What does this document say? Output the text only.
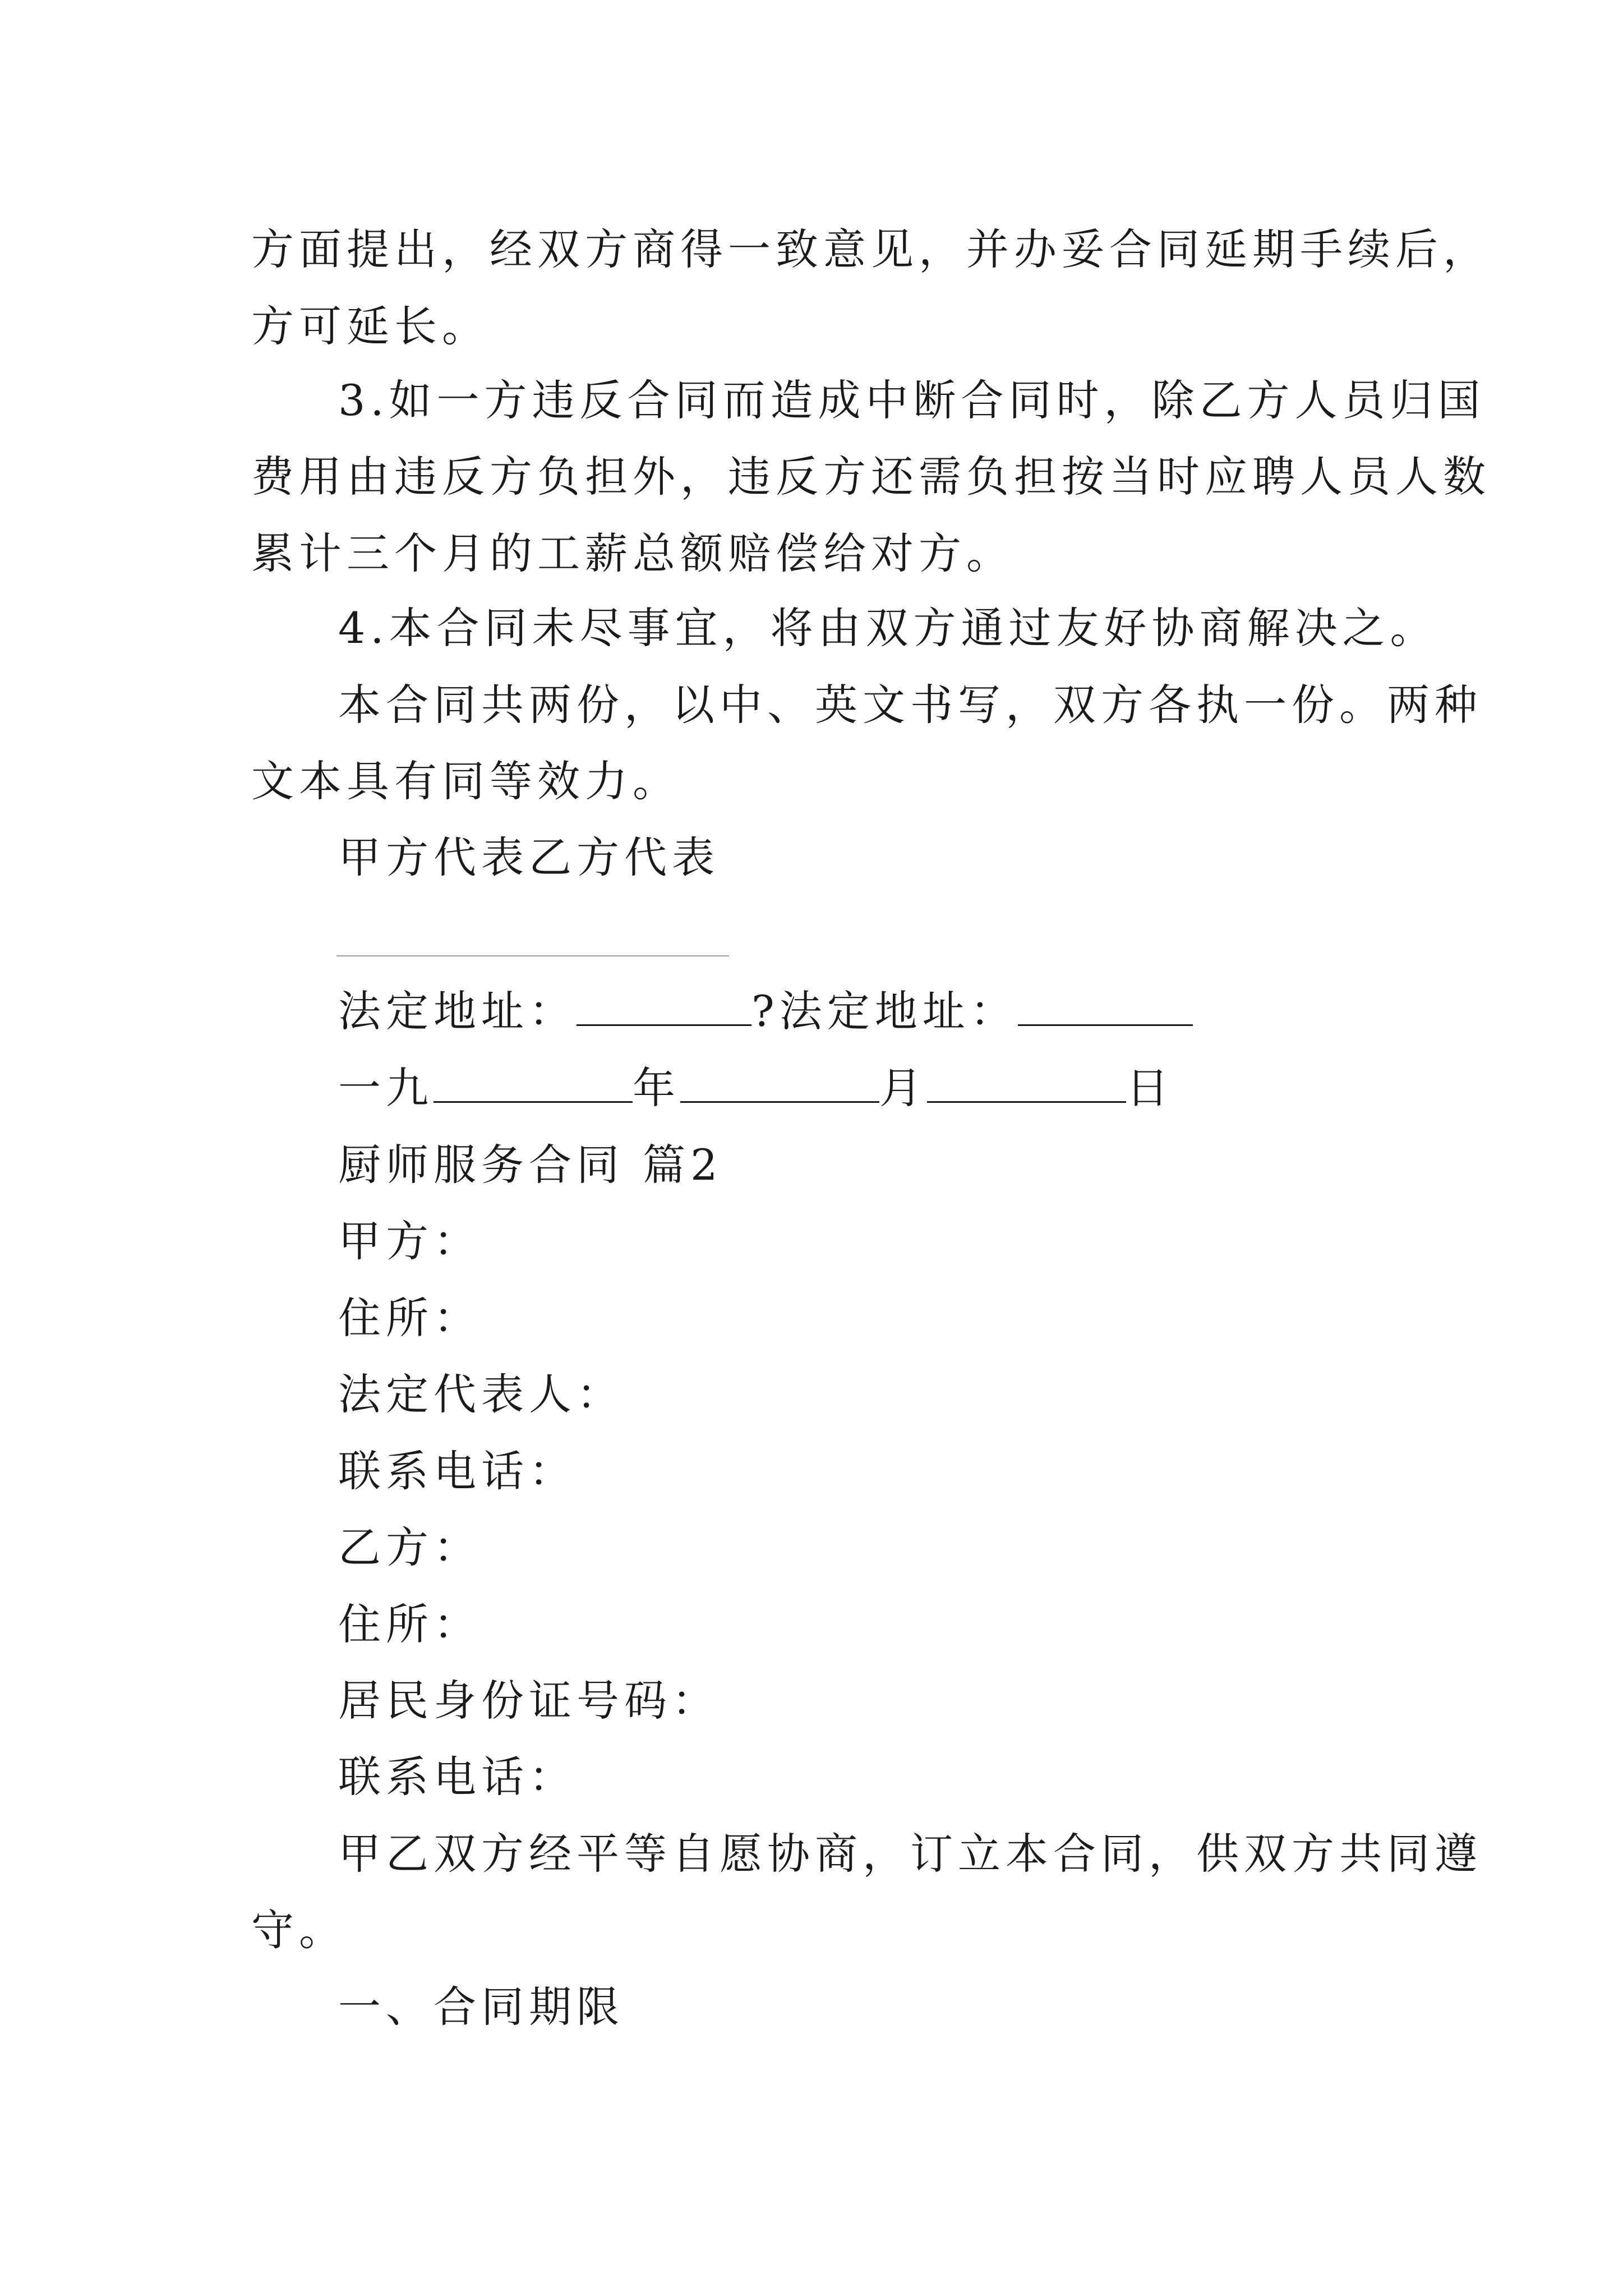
方面提出，经双方商得一致意见，并办妥合同延期手续后，
方可延长。
3.如一方违反合同而造成中断合同时，除乙方人员归国
费用由违反方负担外，违反方还需负担按当时应聘人员人数
累计三个月的工薪总额赔偿给对方。
4.本合同未尽事宜，将由双方通过友好协商解决之。
本合同共两份，以中、英文书写，双方各执一份。两种
文本具有同等效力。
甲方代表乙方代表
法定地址：	?法定地址：
一九	年	月	日
厨师服务合同 篇2
甲方：
住所：
法定代表人：
联系电话：
乙方：
住所：
居民身份证号码：
联系电话：
甲乙双方经平等自愿协商，订立本合同，供双方共同遵
守。
一、合同期限
